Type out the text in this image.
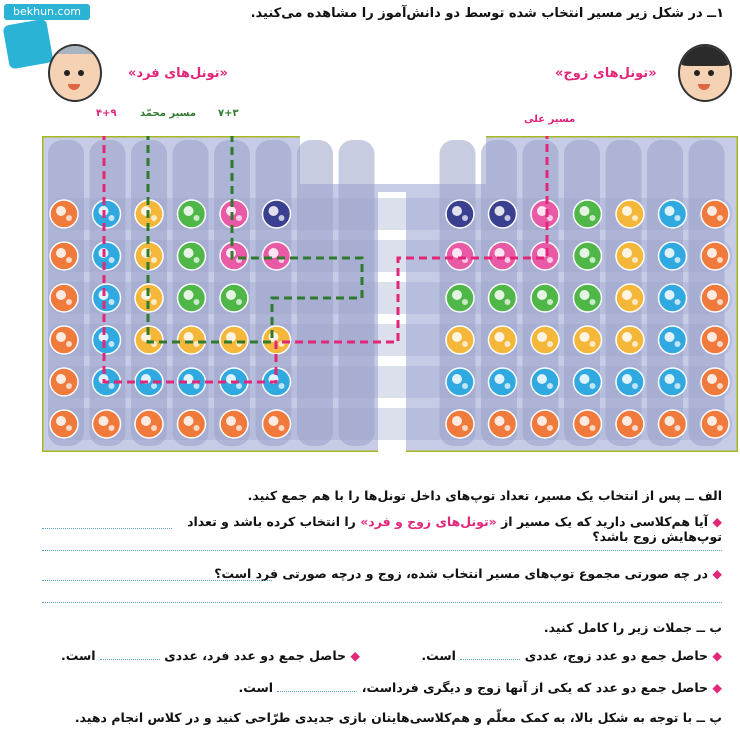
bekhun.com	۱ــ در شکل زیر مسیر انتخاب شده توسط دو دانش‌آموز را مشاهده می‌کنید.
«تونل‌های فرد»	«تونل‌های زوج»
۴+۹ مسیر محمّد ۷+۳
مسیر علی
الف ــ پس از انتخاب یک مسیر، تعداد توپ‌های داخل تونل‌ها را با هم جمع کنید.
◆ آیا هم‌کلاسی دارید که یک مسیر از «تونل‌های زوج و فرد» را انتخاب کرده باشد و تعداد توپ‌هایش زوج باشد؟
◆ در چه صورتی مجموع توپ‌های مسیر انتخاب شده، زوج و درچه صورتی فرد است؟
ب ــ جملات زیر را کامل کنید.
◆ حاصل جمع دو عدد زوج، عددی  است.
◆ حاصل جمع دو عدد فرد، عددی  است.
◆ حاصل جمع دو عدد که یکی از آنها زوج و دیگری فرد‌است،  است.
پ ــ با توجه به شکل بالا، به کمک معلّم و هم‌کلاسی‌هایتان بازی جدیدی طرّاحی کنید و در کلاس انجام دهید.
